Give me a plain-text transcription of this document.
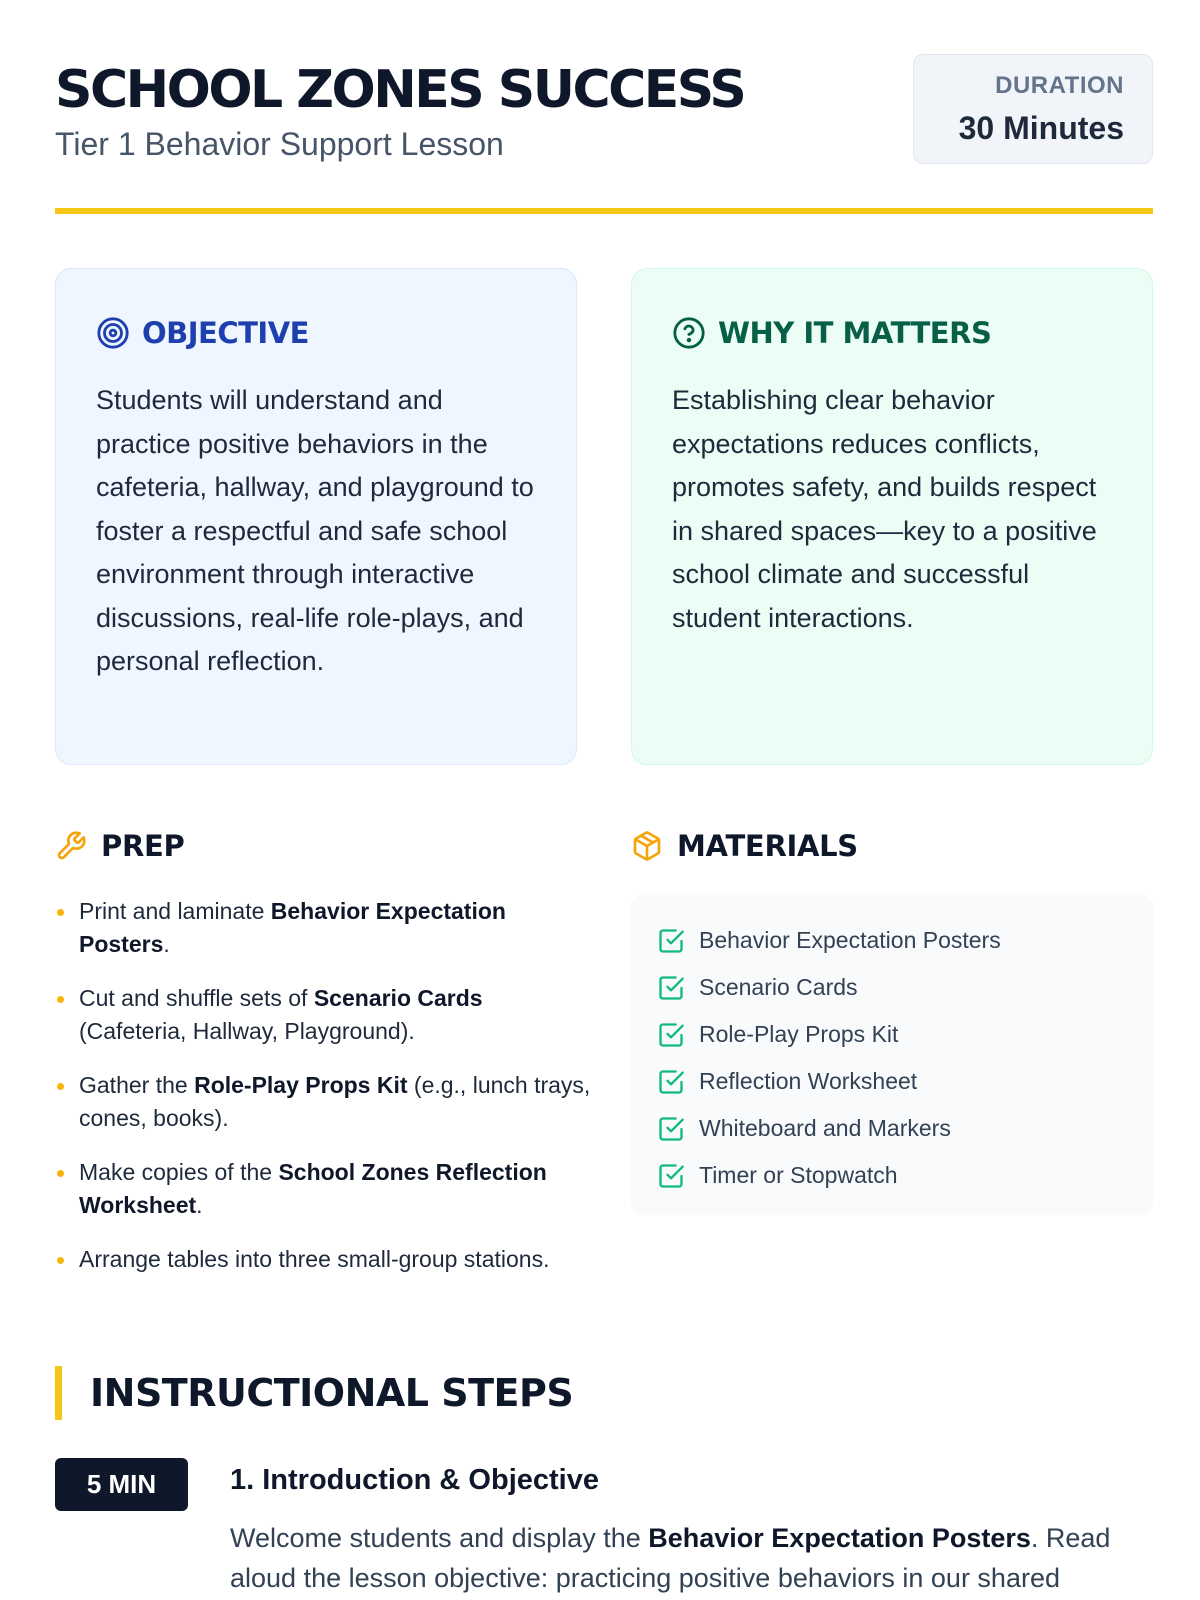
SCHOOL ZONES SUCCESS
Tier 1 Behavior Support Lesson
DURATION
30 Minutes
OBJECTIVE

Students will understand and practice positive behaviors in the cafeteria, hallway, and playground to foster a respectful and safe school environment through interactive discussions, real-life role-plays, and personal reflection.

WHY IT MATTERS

Establishing clear behavior expectations reduces conflicts, promotes safety, and builds respect in shared spaces—key to a positive school climate and successful student interactions.

PREP
Print and laminate Behavior Expectation Posters.
Cut and shuffle sets of Scenario Cards (Cafeteria, Hallway, Playground).
Gather the Role-Play Props Kit (e.g., lunch trays, cones, books).
Make copies of the School Zones Reflection Worksheet.
Arrange tables into three small-group stations.
MATERIALS
Behavior Expectation Posters
Scenario Cards
Role-Play Props Kit
Reflection Worksheet
Whiteboard and Markers
Timer or Stopwatch
INSTRUCTIONAL STEPS
5 MIN	1. Introduction & Objective

Welcome students and display the Behavior Expectation Posters. Read aloud the lesson objective: practicing positive behaviors in our shared
